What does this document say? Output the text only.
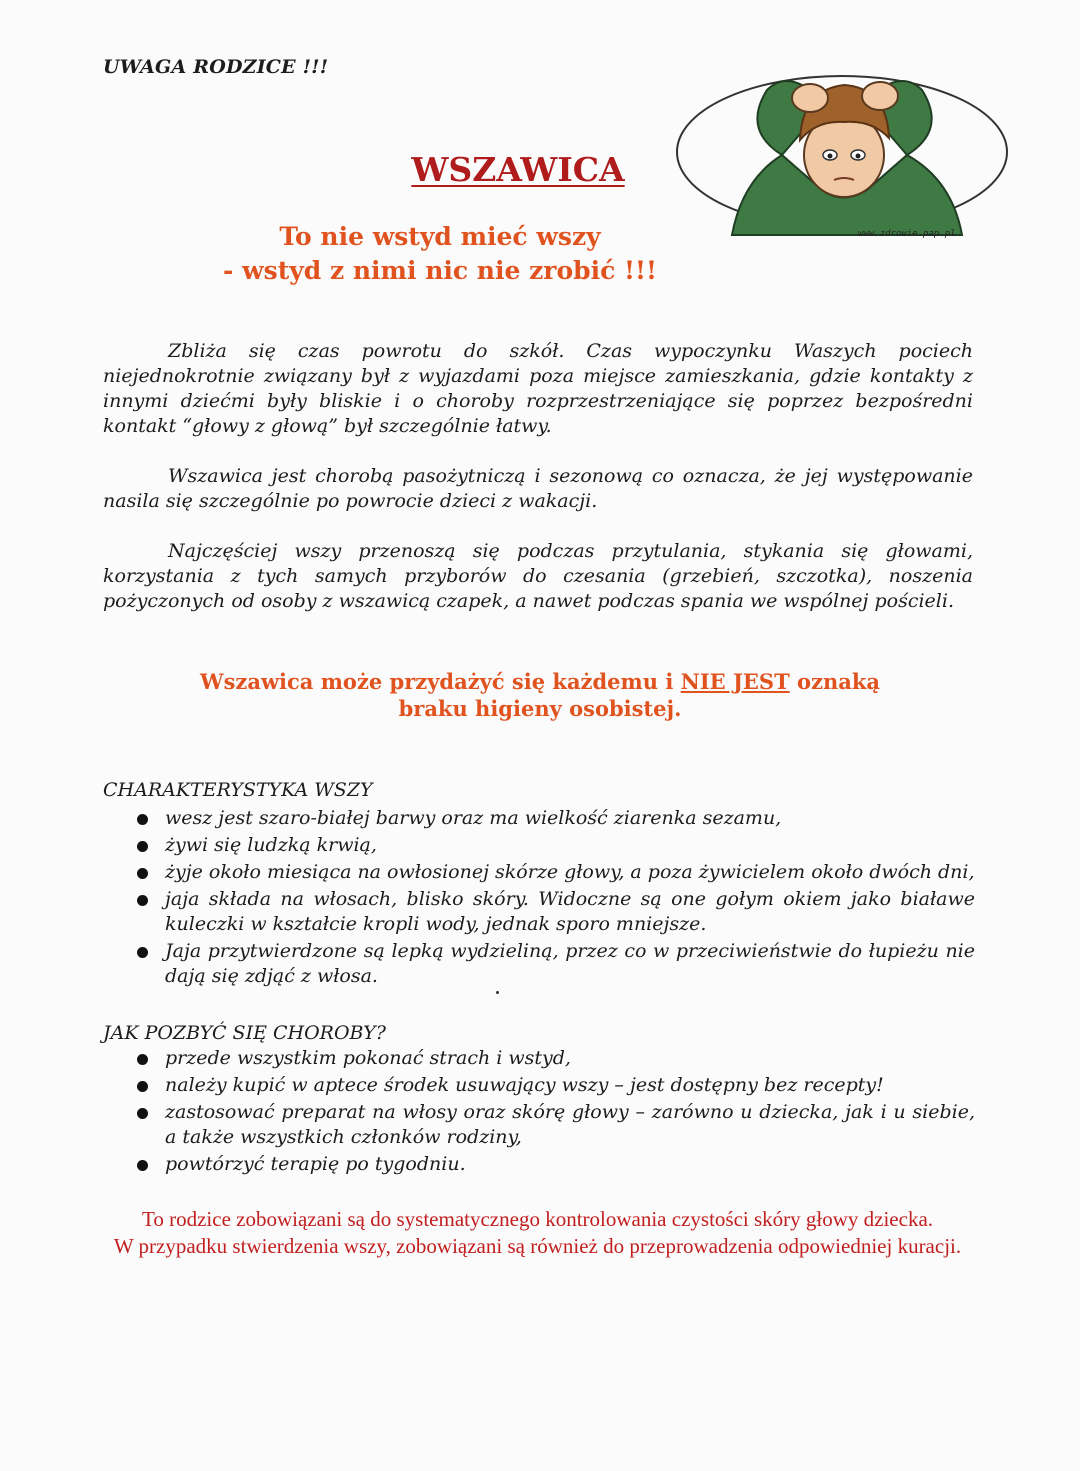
UWAGA RODZICE !!!
WSZAWICA
To nie wstyd mieć wszy
- wstyd z nimi nic nie zrobić !!!
www.zdrowie.pap.pl

Zbliża się czas powrotu do szkół. Czas wypoczynku Waszych pociech niejednokrotnie związany był z wyjazdami poza miejsce zamieszkania, gdzie kontakty z innymi dziećmi były bliskie i o choroby rozprzestrzeniające się poprzez bezpośredni kontakt “głowy z głową” był szczególnie łatwy.

Wszawica jest chorobą pasożytniczą i sezonową co oznacza, że jej występowanie nasila się szczególnie po powrocie dzieci z wakacji.

Najczęściej wszy przenoszą się podczas przytulania, stykania się głowami, korzystania z tych samych przyborów do czesania (grzebień, szczotka), noszenia pożyczonych od osoby z wszawicą czapek, a nawet podczas spania we wspólnej pościeli.

Wszawica może przydażyć się każdemu i NIE JEST oznaką
braku higieny osobistej.
CHARAKTERYSTYKA WSZY
wesz jest szaro-białej barwy oraz ma wielkość ziarenka sezamu,
żywi się ludzką krwią,
żyje około miesiąca na owłosionej skórze głowy, a poza żywicielem około dwóch dni,
jaja składa na włosach, blisko skóry. Widoczne są one gołym okiem jako białawe kuleczki w kształcie kropli wody, jednak sporo mniejsze.
Jaja przytwierdzone są lepką wydzieliną, przez co w przeciwieństwie do łupieżu nie dają się zdjąć z włosa.
JAK POZBYĆ SIĘ CHOROBY?
przede wszystkim pokonać strach i wstyd,
należy kupić w aptece środek usuwający wszy – jest dostępny bez recepty!
zastosować preparat na włosy oraz skórę głowy – zarówno u dziecka, jak i u siebie, a także wszystkich członków rodziny,
powtórzyć terapię po tygodniu.

To rodzice zobowiązani są do systematycznego kontrolowania czystości skóry głowy dziecka.

W przypadku stwierdzenia wszy, zobowiązani są również do przeprowadzenia odpowiedniej kuracji.
